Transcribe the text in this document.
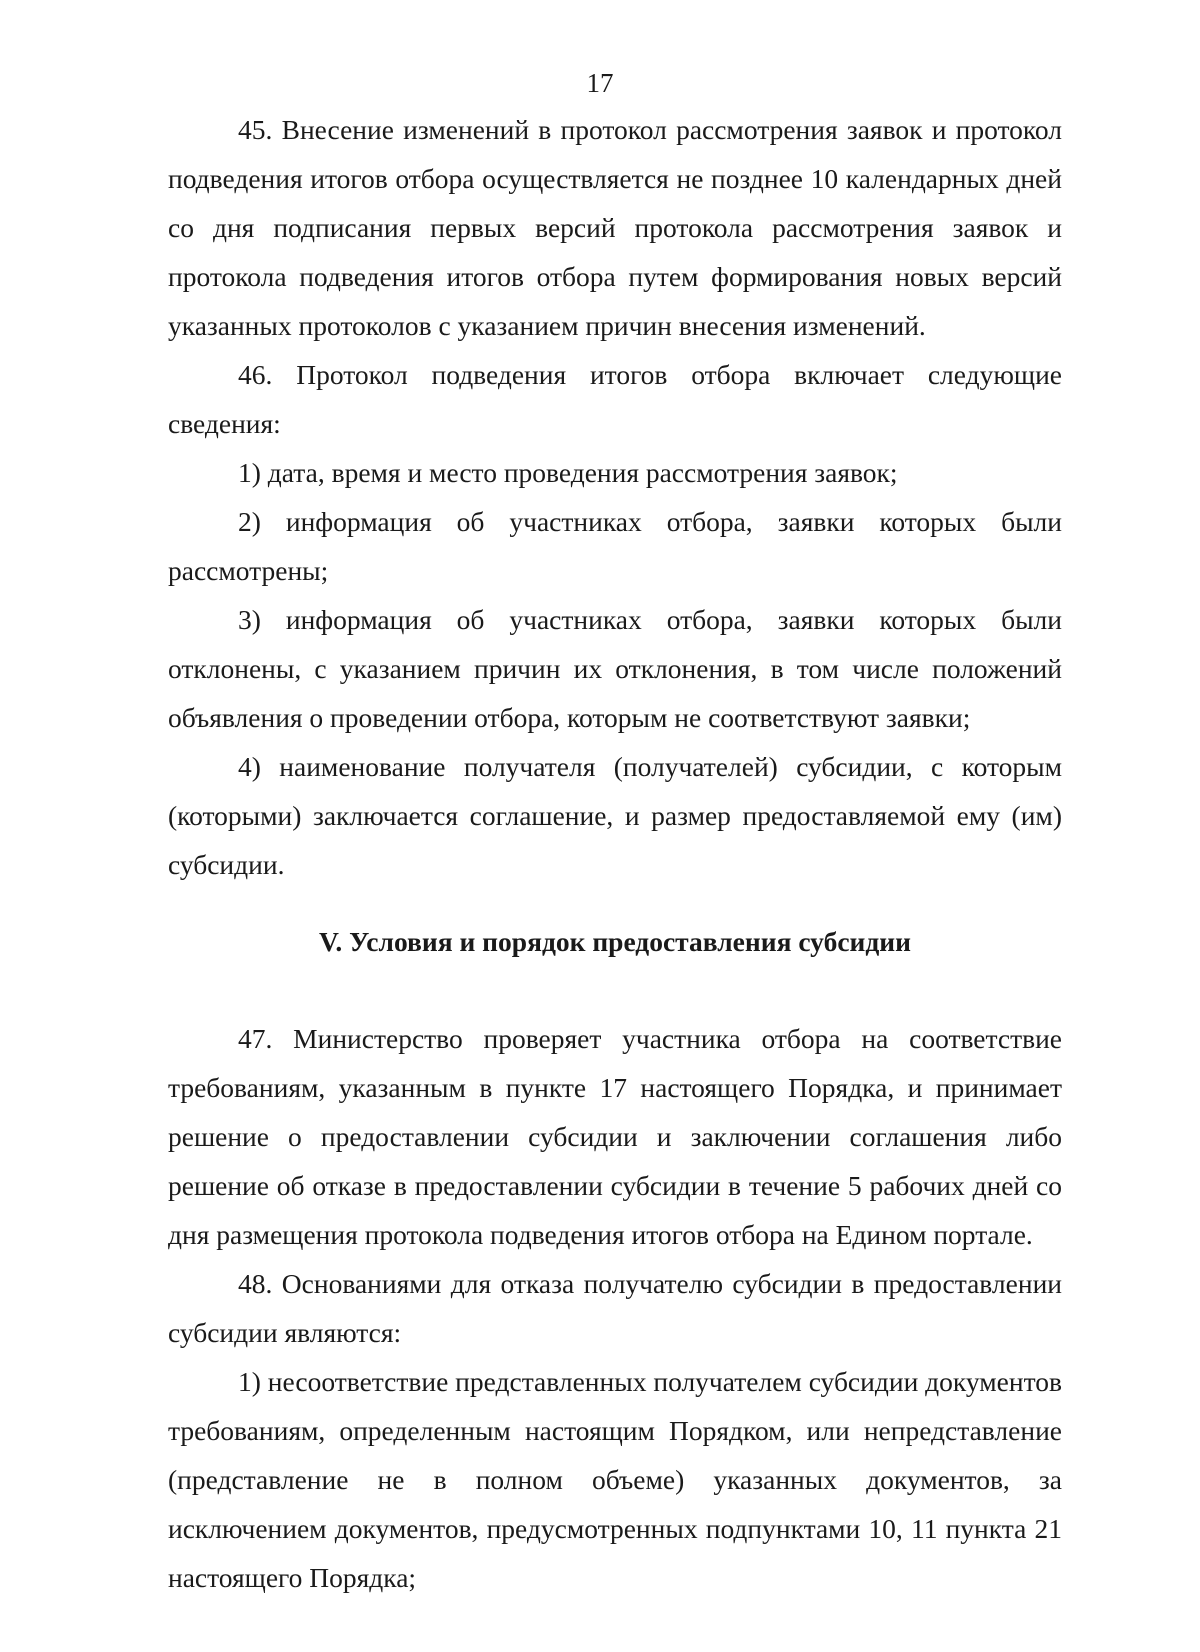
17

45. Внесение изменений в протокол рассмотрения заявок и протокол подведения итогов отбора осуществляется не позднее 10 календарных дней со дня подписания первых версий протокола рассмотрения заявок и протокола подведения итогов отбора путем формирования новых версий указанных протоколов с указанием причин внесения изменений.

46. Протокол подведения итогов отбора включает следующие сведения:

1) дата, время и место проведения рассмотрения заявок;

2) информация об участниках отбора, заявки которых были рассмотрены;

3) информация об участниках отбора, заявки которых были отклонены, с указанием причин их отклонения, в том числе положений объявления о проведении отбора, которым не соответствуют заявки;

4) наименование получателя (получателей) субсидии, с которым (которыми) заключается соглашение, и размер предоставляемой ему (им) субсидии.

V. Условия и порядок предоставления субсидии

47. Министерство проверяет участника отбора на соответствие требованиям, указанным в пункте 17 настоящего Порядка, и принимает решение о предоставлении субсидии и заключении соглашения либо решение об отказе в предоставлении субсидии в течение 5 рабочих дней со дня размещения протокола подведения итогов отбора на Едином портале.

48. Основаниями для отказа получателю субсидии в предоставлении субсидии являются:

1) несоответствие представленных получателем субсидии документов требованиям, определенным настоящим Порядком, или непредставление (представление не в полном объеме) указанных документов, за исключением документов, предусмотренных подпунктами 10, 11 пункта 21 настоящего Порядка;
